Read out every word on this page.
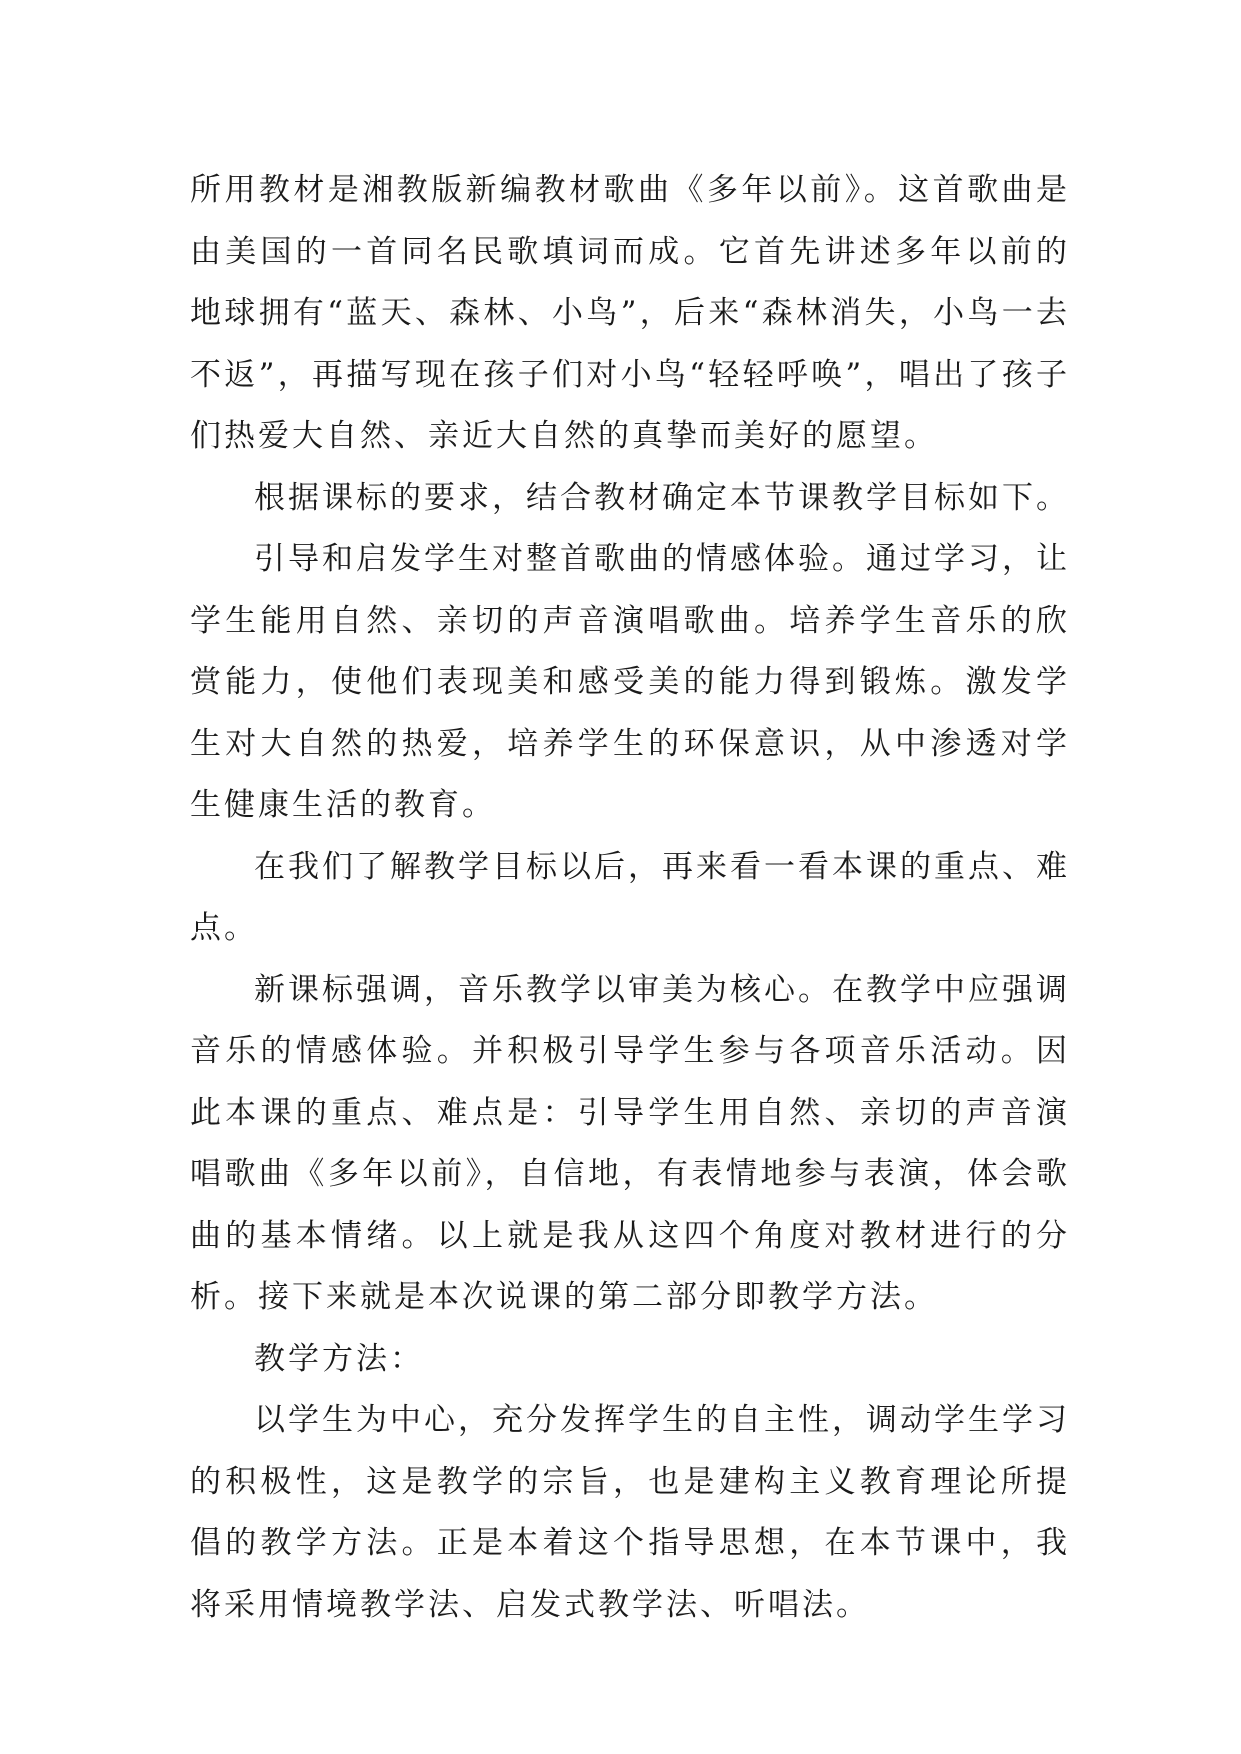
所用教材是湘教版新编教材歌曲《多年以前》。这首歌曲是由美国的一首同名民歌填词而成。它首先讲述多年以前的地球拥有“蓝天、森林、小鸟”，后来“森林消失，小鸟一去不返”，再描写现在孩子们对小鸟“轻轻呼唤”，唱出了孩子们热爱大自然、亲近大自然的真挚而美好的愿望。

根据课标的要求，结合教材确定本节课教学目标如下。

引导和启发学生对整首歌曲的情感体验。通过学习，让学生能用自然、亲切的声音演唱歌曲。培养学生音乐的欣赏能力，使他们表现美和感受美的能力得到锻炼。激发学生对大自然的热爱，培养学生的环保意识，从中渗透对学生健康生活的教育。

在我们了解教学目标以后，再来看一看本课的重点、难点。

新课标强调，音乐教学以审美为核心。在教学中应强调音乐的情感体验。并积极引导学生参与各项音乐活动。因此本课的重点、难点是：引导学生用自然、亲切的声音演唱歌曲《多年以前》，自信地，有表情地参与表演，体会歌曲的基本情绪。以上就是我从这四个角度对教材进行的分析。接下来就是本次说课的第二部分即教学方法。

教学方法：

以学生为中心，充分发挥学生的自主性，调动学生学习的积极性，这是教学的宗旨，也是建构主义教育理论所提倡的教学方法。正是本着这个指导思想，在本节课中，我将采用情境教学法、启发式教学法、听唱法。
